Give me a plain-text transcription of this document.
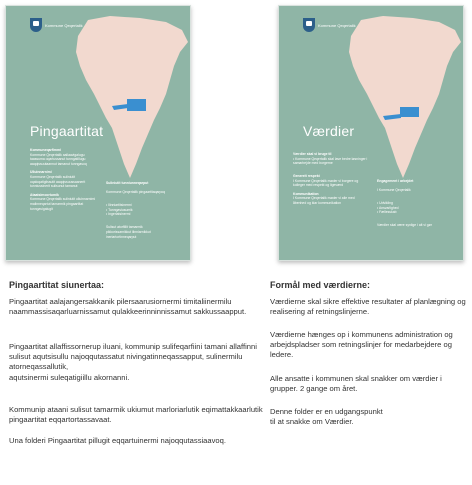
Kommune Qeqertalik
Pingaartitat
Kommuneqarfimmi
Kommune Qeqertalik aallaavigalugu taassuma oqartussanut tunngatillugu aaqqissuutaannut tamanut tunngasoq
Ulluinnarnimi
Kommune Qeqertalik suliniutit oqaloqatigiissutit aaqqissuussaanerit tunniussinerit sulisunut tamanut
Ataatsimoortumik
Kommune Qeqertalik suliniutit ulluinnarnimi malinneqartut tamarmik pingaartitat tunngavigalugit

Suliniutit tunniunneqarput

Kommune Qeqertalik pingaartitaqarpoq

• Ilinniartitsinermi
• Tunngaviusumik
• Ingerlatsinermi

Sulisut atorfillit tamarmik pikkorissarnikkut ilinniarnikkut ineriartortinneqarput

Kommune Qeqertalik
Værdier
Værdier skal vi bruge til
• Kommune Qeqertalik skal lave bedre løsninger i samarbejde med borgerne
Generelt respekt
I Kommune Qeqertalik møder vi borgere og kolleger med respekt og ligeværd
Kommunikation
I Kommune Qeqertalik møder vi alle med åbenhed og klar kommunikation

Engagement i arbejdet

I Kommune Qeqertalik

• Udvikling
• Ansvarlighed
• Fællesskab

Værdier skal være synlige i alt vi gør

Pingaartitat siunertaa:
Pingaartitat aalajangersakkanik pilersaarusiornermi timitaliinermilu naammassisaqarluarnissamut qulakkeerinninnissamut sakkussaapput.
Pingaartitat allaffissornerup iluani, kommunip sulifeqarfiini tamani allaffinni sulisut aqutsisullu najoqqutassatut nivingatinneqassapput, sulinermilu atorneqassallutik,
aqutsinermi suleqatigiillu akornanni.
Kommunip ataani sulisut tamarmik ukiumut marloriarlutik eqimattakkaarlutik pingaartitat eqqartortassavaat.
Una folderi Pingaartitat pillugit eqqartuinermi najoqqutassiaavoq.
Formål med værdierne:
Værdierne skal sikre effektive resultater af planlægning og realisering af retningslinjerne.
Værdierne hænges op i kommunens administration og arbejdspladser som retningslinjer for medarbejdere og ledere.
Alle ansatte i kommunen skal snakker om værdier i grupper. 2 gange om året.
Denne folder er en udgangspunkt
til at snakke om Værdier.
